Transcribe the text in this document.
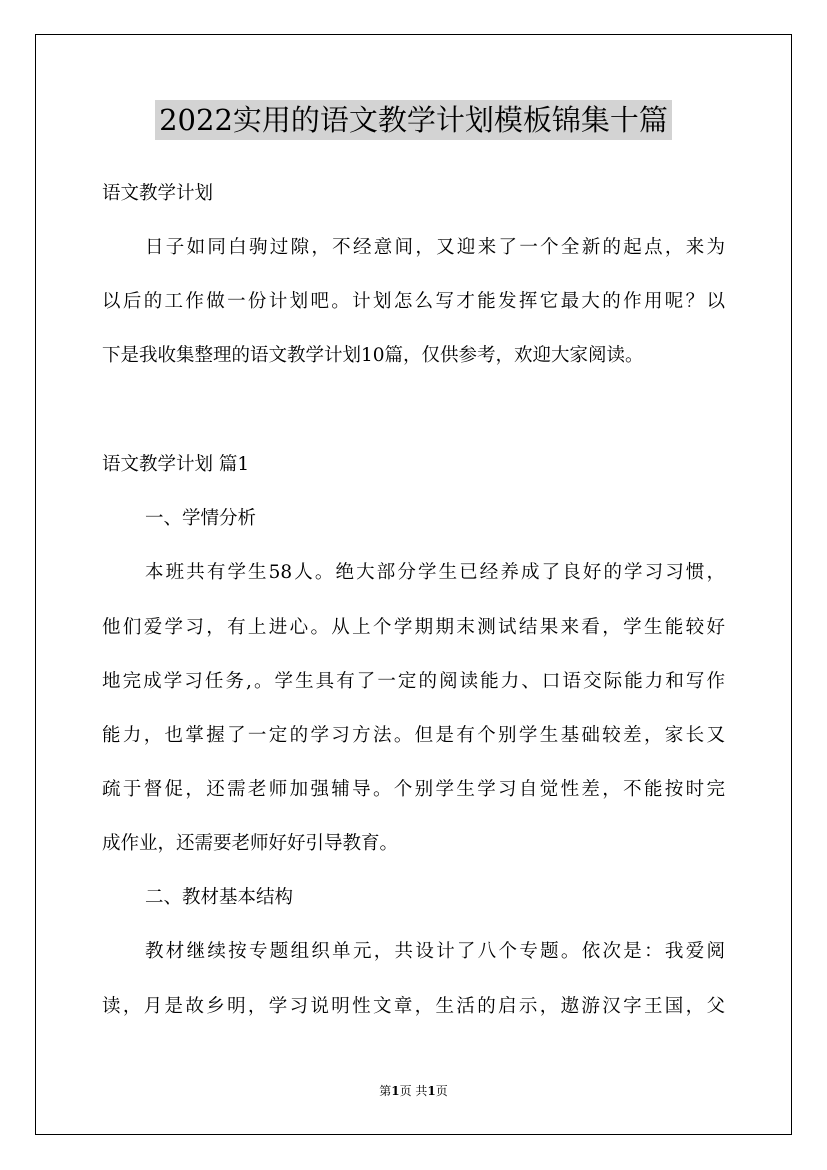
2022实用的语文教学计划模板锦集十篇
语文教学计划
日子如同白驹过隙，不经意间，又迎来了一个全新的起点，来为
以后的工作做一份计划吧。计划怎么写才能发挥它最大的作用呢？以
下是我收集整理的语文教学计划10篇，仅供参考，欢迎大家阅读。
语文教学计划 篇1
一、学情分析
本班共有学生58人。绝大部分学生已经养成了良好的学习习惯，
他们爱学习，有上进心。从上个学期期末测试结果来看，学生能较好
地完成学习任务,。学生具有了一定的阅读能力、口语交际能力和写作
能力，也掌握了一定的学习方法。但是有个别学生基础较差，家长又
疏于督促，还需老师加强辅导。个别学生学习自觉性差，不能按时完
成作业，还需要老师好好引导教育。
二、教材基本结构
教材继续按专题组织单元，共设计了八个专题。依次是：我爱阅
读，月是故乡明，学习说明性文章，生活的启示，遨游汉字王国，父
第1页 共1页
